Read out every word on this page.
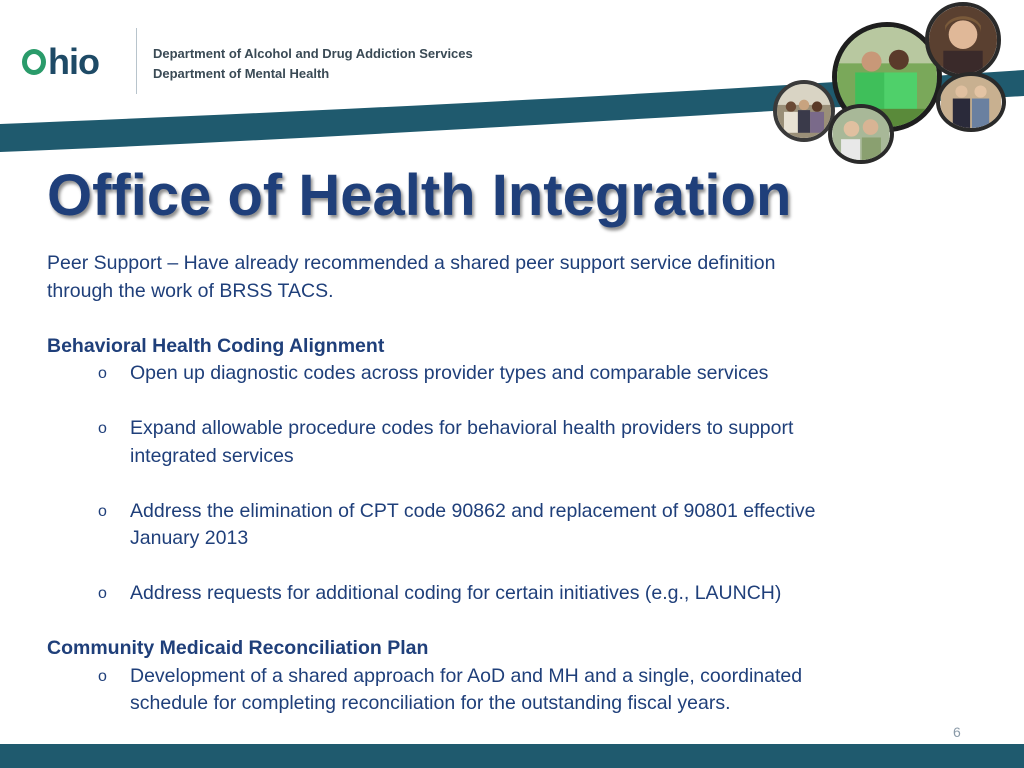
hio	Department of Alcohol and Drug Addiction Services
Department of Mental Health
Office of Health Integration

Peer Support – Have already recommended a shared peer support service definition

through the work of BRSS TACS.

Behavioral Health Coding Alignment

o Open up diagnostic codes across provider types and comparable services

o Expand allowable procedure codes for behavioral health providers to support

integrated services

o Address the elimination of CPT code 90862 and replacement of 90801 effective

January 2013

o Address requests for additional coding for certain initiatives (e.g., LAUNCH)

Community Medicaid Reconciliation Plan

o Development of a shared approach for AoD and MH and a single, coordinated

schedule for completing reconciliation for the outstanding fiscal years.

6
